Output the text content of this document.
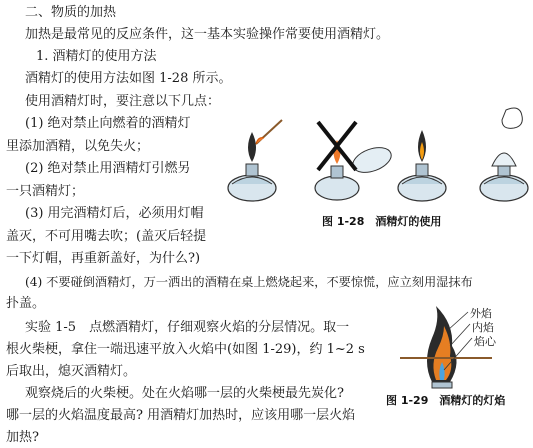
二、物质的加热
加热是最常见的反应条件，这一基本实验操作常要使用酒精灯。
1. 酒精灯的使用方法
酒精灯的使用方法如图 1-28 所示。
使用酒精灯时，要注意以下几点：
(1) 绝对禁止向燃着的酒精灯
里添加酒精，以免失火；
(2) 绝对禁止用酒精灯引燃另
一只酒精灯；
(3) 用完酒精灯后，必须用灯帽
盖灭，不可用嘴去吹；(盖灭后轻提
一下灯帽，再重新盖好，为什么?)
(4) 不要碰倒酒精灯，万一洒出的酒精在桌上燃烧起来，不要惊慌，应立刻用湿抹布
扑盖。
实验 1-5　点燃酒精灯，仔细观察火焰的分层情况。取一
根火柴梗，拿住一端迅速平放入火焰中(如图 1-29)，约 1~2 s
后取出，熄灭酒精灯。
观察烧后的火柴梗。处在火焰哪一层的火柴梗最先炭化?
哪一层的火焰温度最高? 用酒精灯加热时，应该用哪一层火焰
加热?
图 1-28　酒精灯的使用
外焰
内焰
焰心
图 1-29　酒精灯的灯焰
